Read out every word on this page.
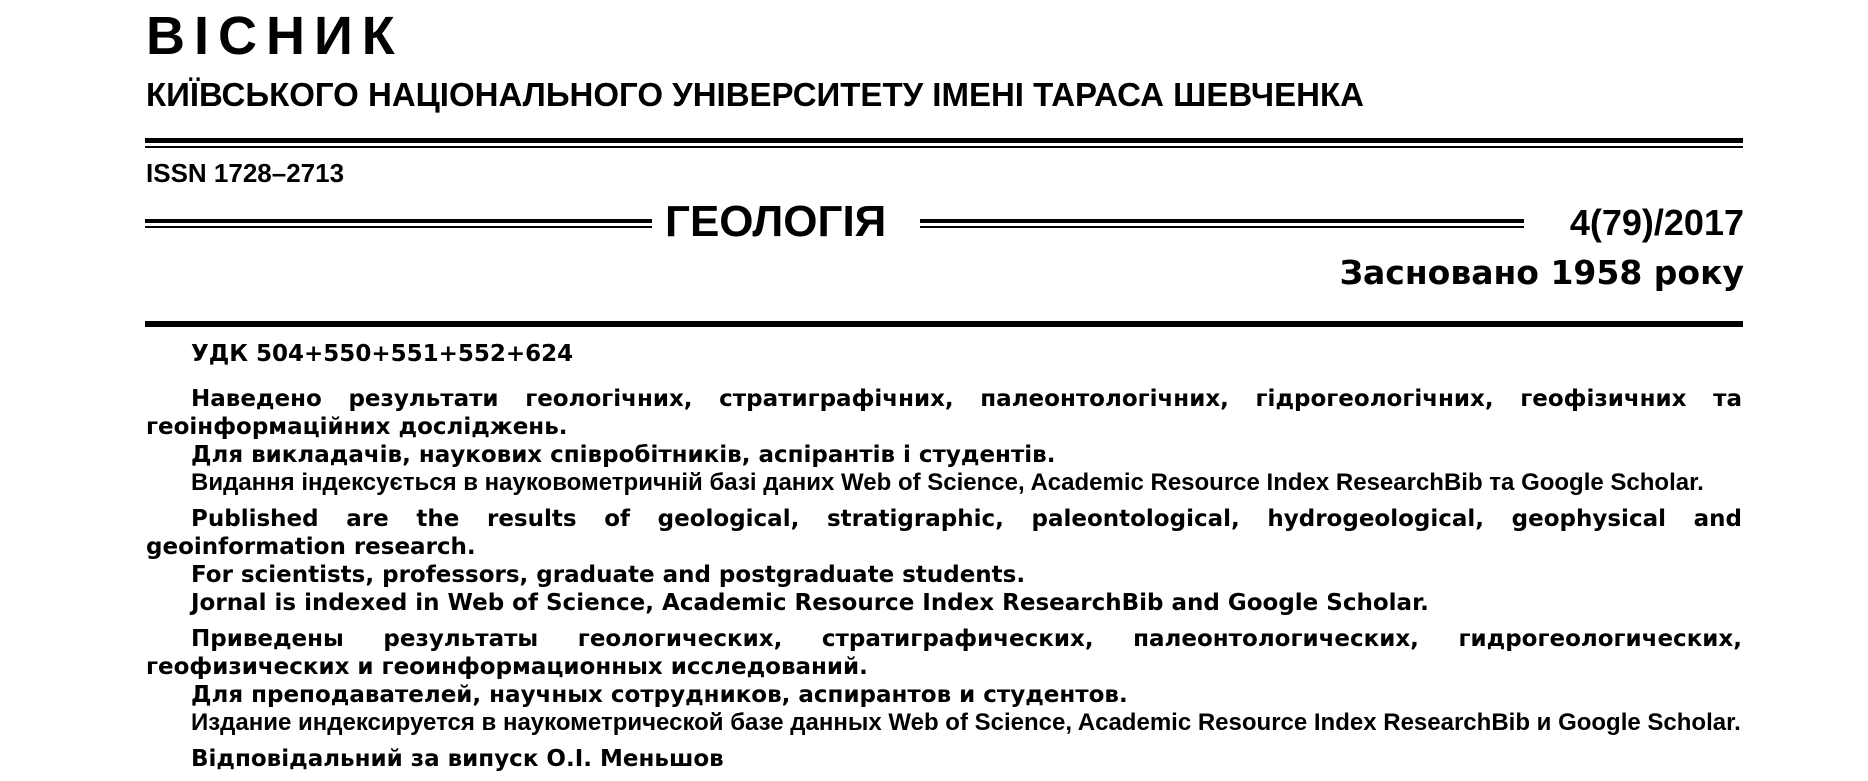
ВІСНИК
КИЇВСЬКОГО НАЦІОНАЛЬНОГО УНІВЕРСИТЕТУ ІМЕНІ ТАРАСА ШЕВЧЕНКА
ISSN 1728–2713
ГЕОЛОГІЯ	4(79)/2017
Засновано 1958 року

УДК 504+550+551+552+624

Наведено результати геологічних, стратиграфічних, палеонтологічних, гідрогеологічних, геофізичних та геоінформаційних досліджень.

Для викладачів, наукових співробітників, аспірантів і студентів.

Видання індексується в науковометричній базі даних Web of Science, Academic Resource Index ResearchBib та Google Scholar.

Published are the results of geological, stratigraphic, paleontological, hydrogeological, geophysical and geoinformation research.

For scientists, professors, graduate and postgraduate students.

Jornal is indexed in Web of Science, Academic Resource Index ResearchBib and Google Scholar.

Приведены результаты геологических, стратиграфических, палеонтологических, гидрогеологических, геофизических и геоинформационных исследований.

Для преподавателей, научных сотрудников, аспирантов и студентов.

Издание индексируется в наукометрической базе данных Web of Science, Academic Resource Index ResearchBib и Google Scholar.

Відповідальний за випуск О.І. Меньшов
